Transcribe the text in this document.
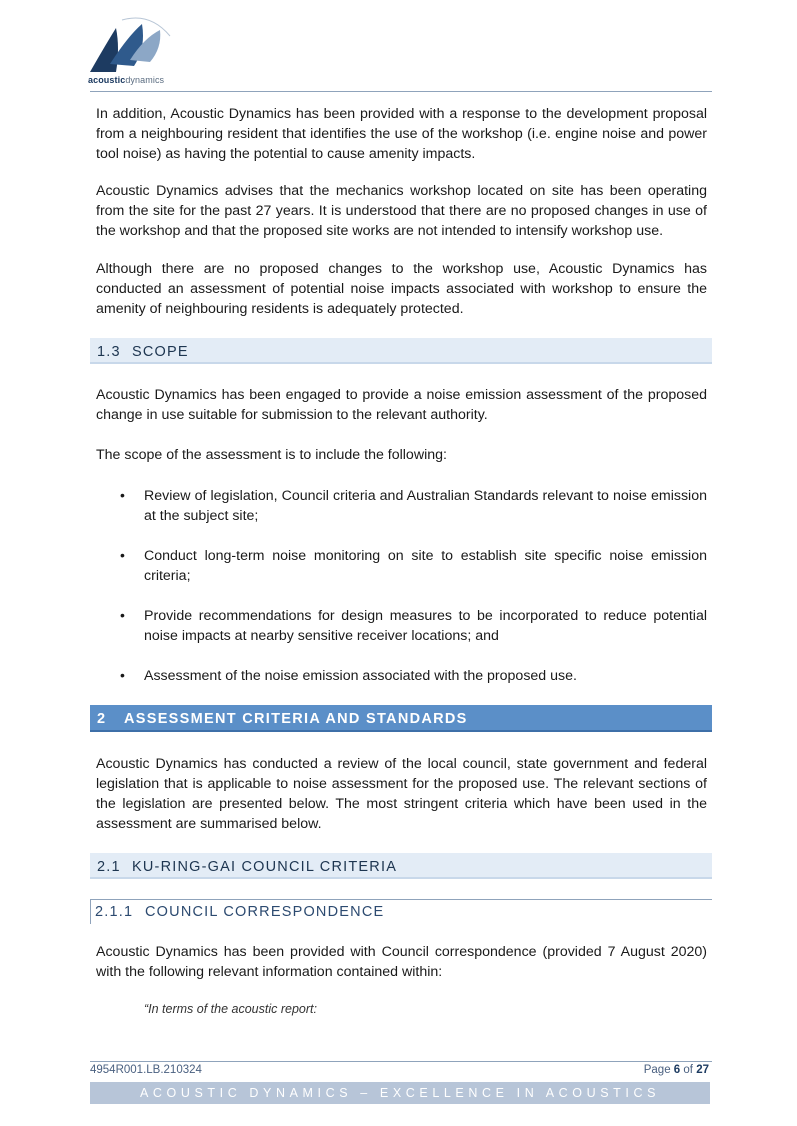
acousticdynamics
In addition, Acoustic Dynamics has been provided with a response to the development proposal from a neighbouring resident that identifies the use of the workshop (i.e. engine noise and power tool noise) as having the potential to cause amenity impacts.
Acoustic Dynamics advises that the mechanics workshop located on site has been operating from the site for the past 27 years. It is understood that there are no proposed changes in use of the workshop and that the proposed site works are not intended to intensify workshop use.
Although there are no proposed changes to the workshop use, Acoustic Dynamics has conducted an assessment of potential noise impacts associated with workshop to ensure the amenity of neighbouring residents is adequately protected.
1.3 SCOPE
Acoustic Dynamics has been engaged to provide a noise emission assessment of the proposed change in use suitable for submission to the relevant authority.
The scope of the assessment is to include the following:
• Review of legislation, Council criteria and Australian Standards relevant to noise emission at the subject site;
• Conduct long-term noise monitoring on site to establish site specific noise emission criteria;
• Provide recommendations for design measures to be incorporated to reduce potential noise impacts at nearby sensitive receiver locations; and
• Assessment of the noise emission associated with the proposed use.
2 ASSESSMENT CRITERIA AND STANDARDS
Acoustic Dynamics has conducted a review of the local council, state government and federal legislation that is applicable to noise assessment for the proposed use. The relevant sections of the legislation are presented below. The most stringent criteria which have been used in the assessment are summarised below.
2.1 KU-RING-GAI COUNCIL CRITERIA
2.1.1 COUNCIL CORRESPONDENCE
Acoustic Dynamics has been provided with Council correspondence (provided 7 August 2020) with the following relevant information contained within:
“In terms of the acoustic report:
4954R001.LB.210324	Page 6 of 27
ACOUSTIC DYNAMICS – EXCELLENCE IN ACOUSTICS
